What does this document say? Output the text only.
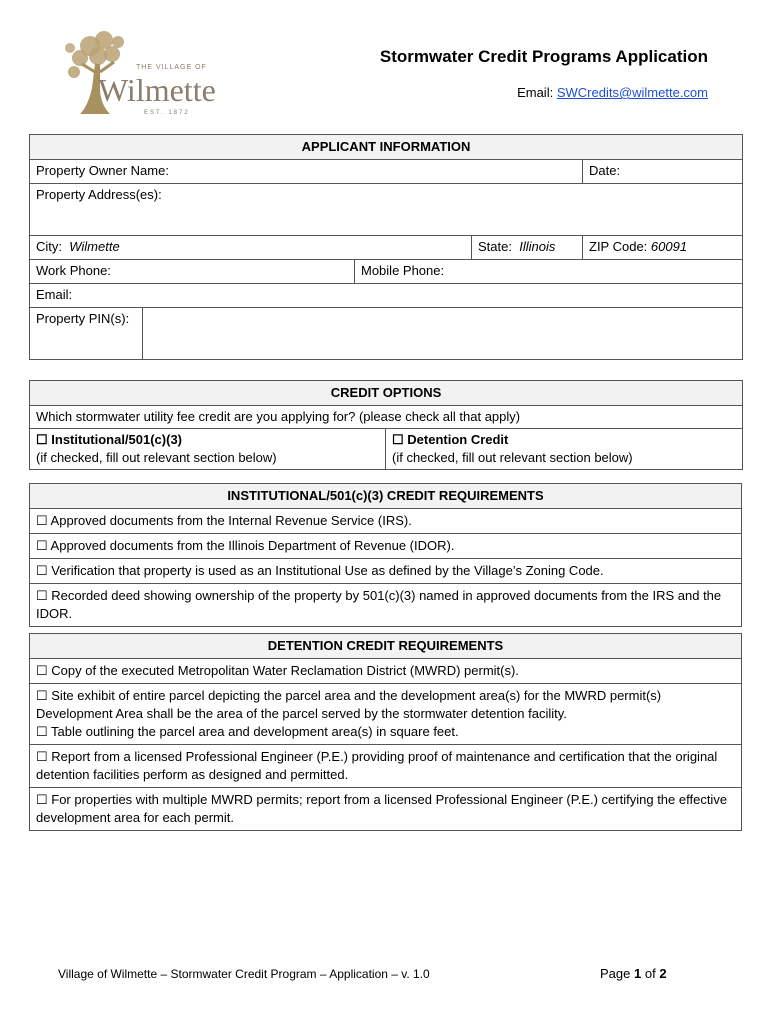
THE VILLAGE OF
Wilmette
EST. 1872
Stormwater Credit Programs Application
Email: SWCredits@wilmette.com
APPLICANT INFORMATION				
Property Owner Name:				Date:
Property Address(es):				
City: Wilmette			State: Illinois	ZIP Code: 60091
Work Phone:		Mobile Phone:		
Email:				
Property PIN(s):				
CREDIT OPTIONS
Which stormwater utility fee credit are you applying for? (please check all that apply)

☐ Institutional/501(c)(3)
(if checked, fill out relevant section below)

☐ Detention Credit
(if checked, fill out relevant section below)
INSTITUTIONAL/501(c)(3) CREDIT REQUIREMENTS
☐ Approved documents from the Internal Revenue Service (IRS).
☐ Approved documents from the Illinois Department of Revenue (IDOR).
☐ Verification that property is used as an Institutional Use as defined by the Village’s Zoning Code.
☐ Recorded deed showing ownership of the property by 501(c)(3) named in approved documents from the IRS and the IDOR.
DETENTION CREDIT REQUIREMENTS
☐ Copy of the executed Metropolitan Water Reclamation District (MWRD) permit(s).
☐ Site exhibit of entire parcel depicting the parcel area and the development area(s) for the MWRD permit(s) Development Area shall be the area of the parcel served by the stormwater detention facility.
☐ Table outlining the parcel area and development area(s) in square feet.
☐ Report from a licensed Professional Engineer (P.E.) providing proof of maintenance and certification that the original detention facilities perform as designed and permitted.
☐ For properties with multiple MWRD permits; report from a licensed Professional Engineer (P.E.) certifying the effective development area for each permit.
Village of Wilmette – Stormwater Credit Program – Application – v. 1.0	Page 1 of 2
